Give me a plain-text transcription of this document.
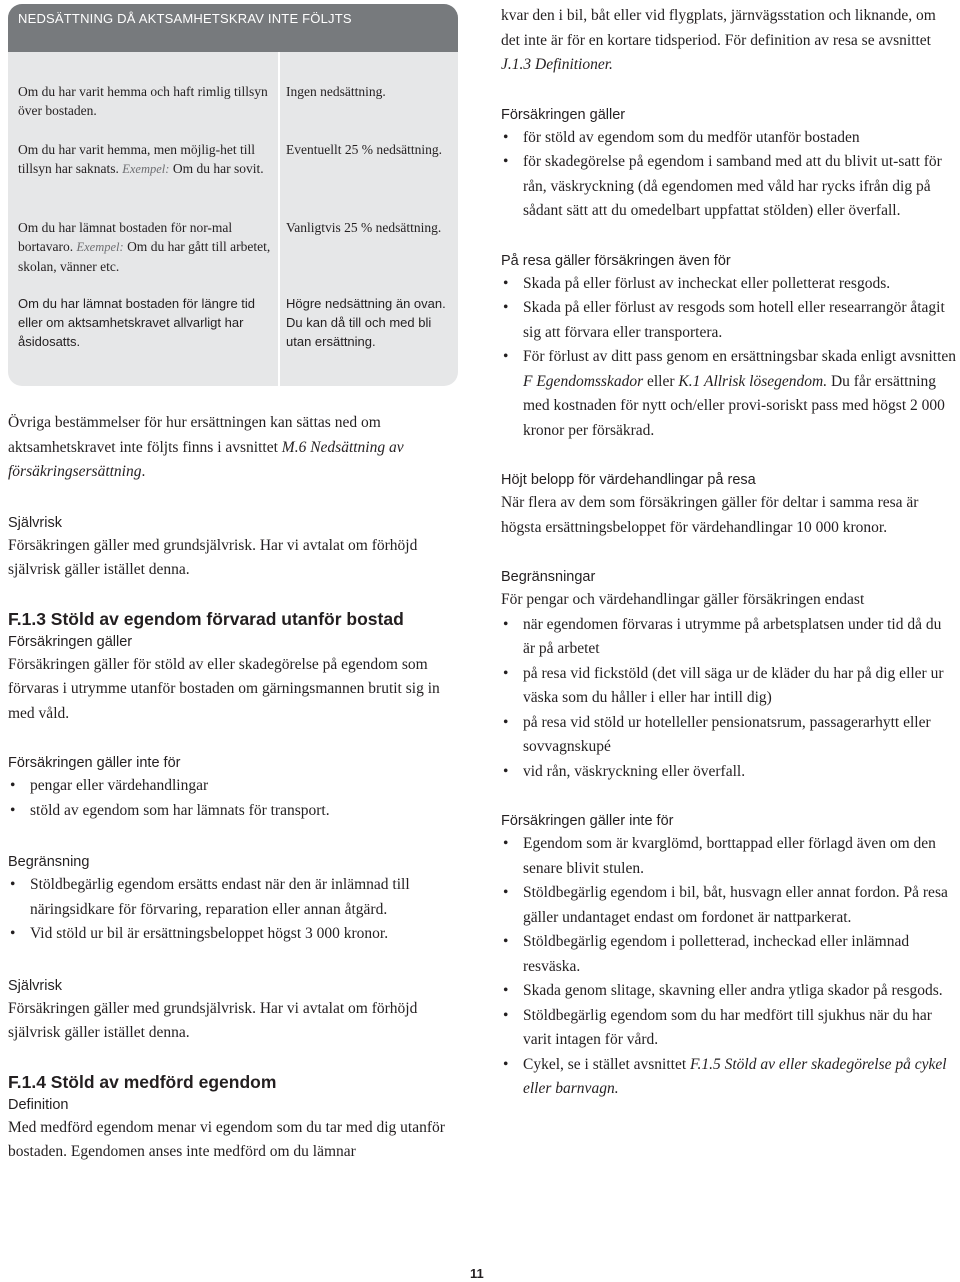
NEDSÄTTNING DÅ AKTSAMHETSKRAV INTE FÖLJTS
Om du har varit hemma och haft rimlig tillsyn över bostaden.
Ingen nedsättning.
Om du har varit hemma, men möjlig-het till tillsyn har saknats. Exempel: Om du har sovit.
Eventuellt 25 % nedsättning.
Om du har lämnat bostaden för nor-mal bortavaro. Exempel: Om du har gått till arbetet, skolan, vänner etc.
Vanligtvis 25 % nedsättning.
Om du har lämnat bostaden för längre tid eller om aktsamhetskravet allvarligt har åsidosatts.
Högre nedsättning än ovan. Du kan då till och med bli utan ersättning.

Övriga bestämmelser för hur ersättningen kan sättas ned om aktsamhetskravet inte följts finns i avsnittet M.6 Nedsättning av försäkringsersättning.

Självrisk

Försäkringen gäller med grundsjälvrisk. Har vi avtalat om förhöjd självrisk gäller istället denna.

F.1.3 Stöld av egendom förvarad utanför bostad

Försäkringen gäller

Försäkringen gäller för stöld av eller skadegörelse på egendom som förvaras i utrymme utanför bostaden om gärningsmannen brutit sig in med våld.

Försäkringen gäller inte för

• pengar eller värdehandlingar
• stöld av egendom som har lämnats för transport.

Begränsning

• Stöldbegärlig egendom ersätts endast när den är inlämnad till näringsidkare för förvaring, reparation eller annan åtgärd.
• Vid stöld ur bil är ersättningsbeloppet högst 3 000 kronor.

Självrisk

Försäkringen gäller med grundsjälvrisk. Har vi avtalat om förhöjd självrisk gäller istället denna.

F.1.4 Stöld av medförd egendom

Definition

Med medförd egendom menar vi egendom som du tar med dig utanför bostaden. Egendomen anses inte medförd om du lämnar

kvar den i bil, båt eller vid flygplats, järnvägsstation och liknande, om det inte är för en kortare tidsperiod. För definition av resa se avsnittet J.1.3 Definitioner.

Försäkringen gäller

• för stöld av egendom som du medför utanför bostaden
• för skadegörelse på egendom i samband med att du blivit ut-satt för rån, väskryckning (då egendomen med våld har rycks ifrån dig på sådant sätt att du omedelbart uppfattat stölden) eller överfall.

På resa gäller försäkringen även för

• Skada på eller förlust av incheckat eller polletterat resgods.
• Skada på eller förlust av resgods som hotell eller researrangör åtagit sig att förvara eller transportera.
• För förlust av ditt pass genom en ersättningsbar skada enligt avsnitten F Egendomsskador eller K.1 Allrisk lösegendom. Du får ersättning med kostnaden för nytt och/eller provi-soriskt pass med högst 2 000 kronor per försäkrad.

Höjt belopp för värdehandlingar på resa

När flera av dem som försäkringen gäller för deltar i samma resa är högsta ersättningsbeloppet för värdehandlingar 10 000 kronor.

Begränsningar

För pengar och värdehandlingar gäller försäkringen endast

• när egendomen förvaras i utrymme på arbetsplatsen under tid då du är på arbetet
• på resa vid fickstöld (det vill säga ur de kläder du har på dig eller ur väska som du håller i eller har intill dig)
• på resa vid stöld ur hotelleller pensionatsrum, passagerarhytt eller sovvagnskupé
• vid rån, väskryckning eller överfall.

Försäkringen gäller inte för

• Egendom som är kvarglömd, borttappad eller förlagd även om den senare blivit stulen.
• Stöldbegärlig egendom i bil, båt, husvagn eller annat fordon. På resa gäller undantaget endast om fordonet är nattparkerat.
• Stöldbegärlig egendom i polletterad, incheckad eller inlämnad resväska.
• Skada genom slitage, skavning eller andra ytliga skador på resgods.
• Stöldbegärlig egendom som du har medfört till sjukhus när du har varit intagen för vård.
• Cykel, se i stället avsnittet F.1.5 Stöld av eller skadegörelse på cykel eller barnvagn.
11
